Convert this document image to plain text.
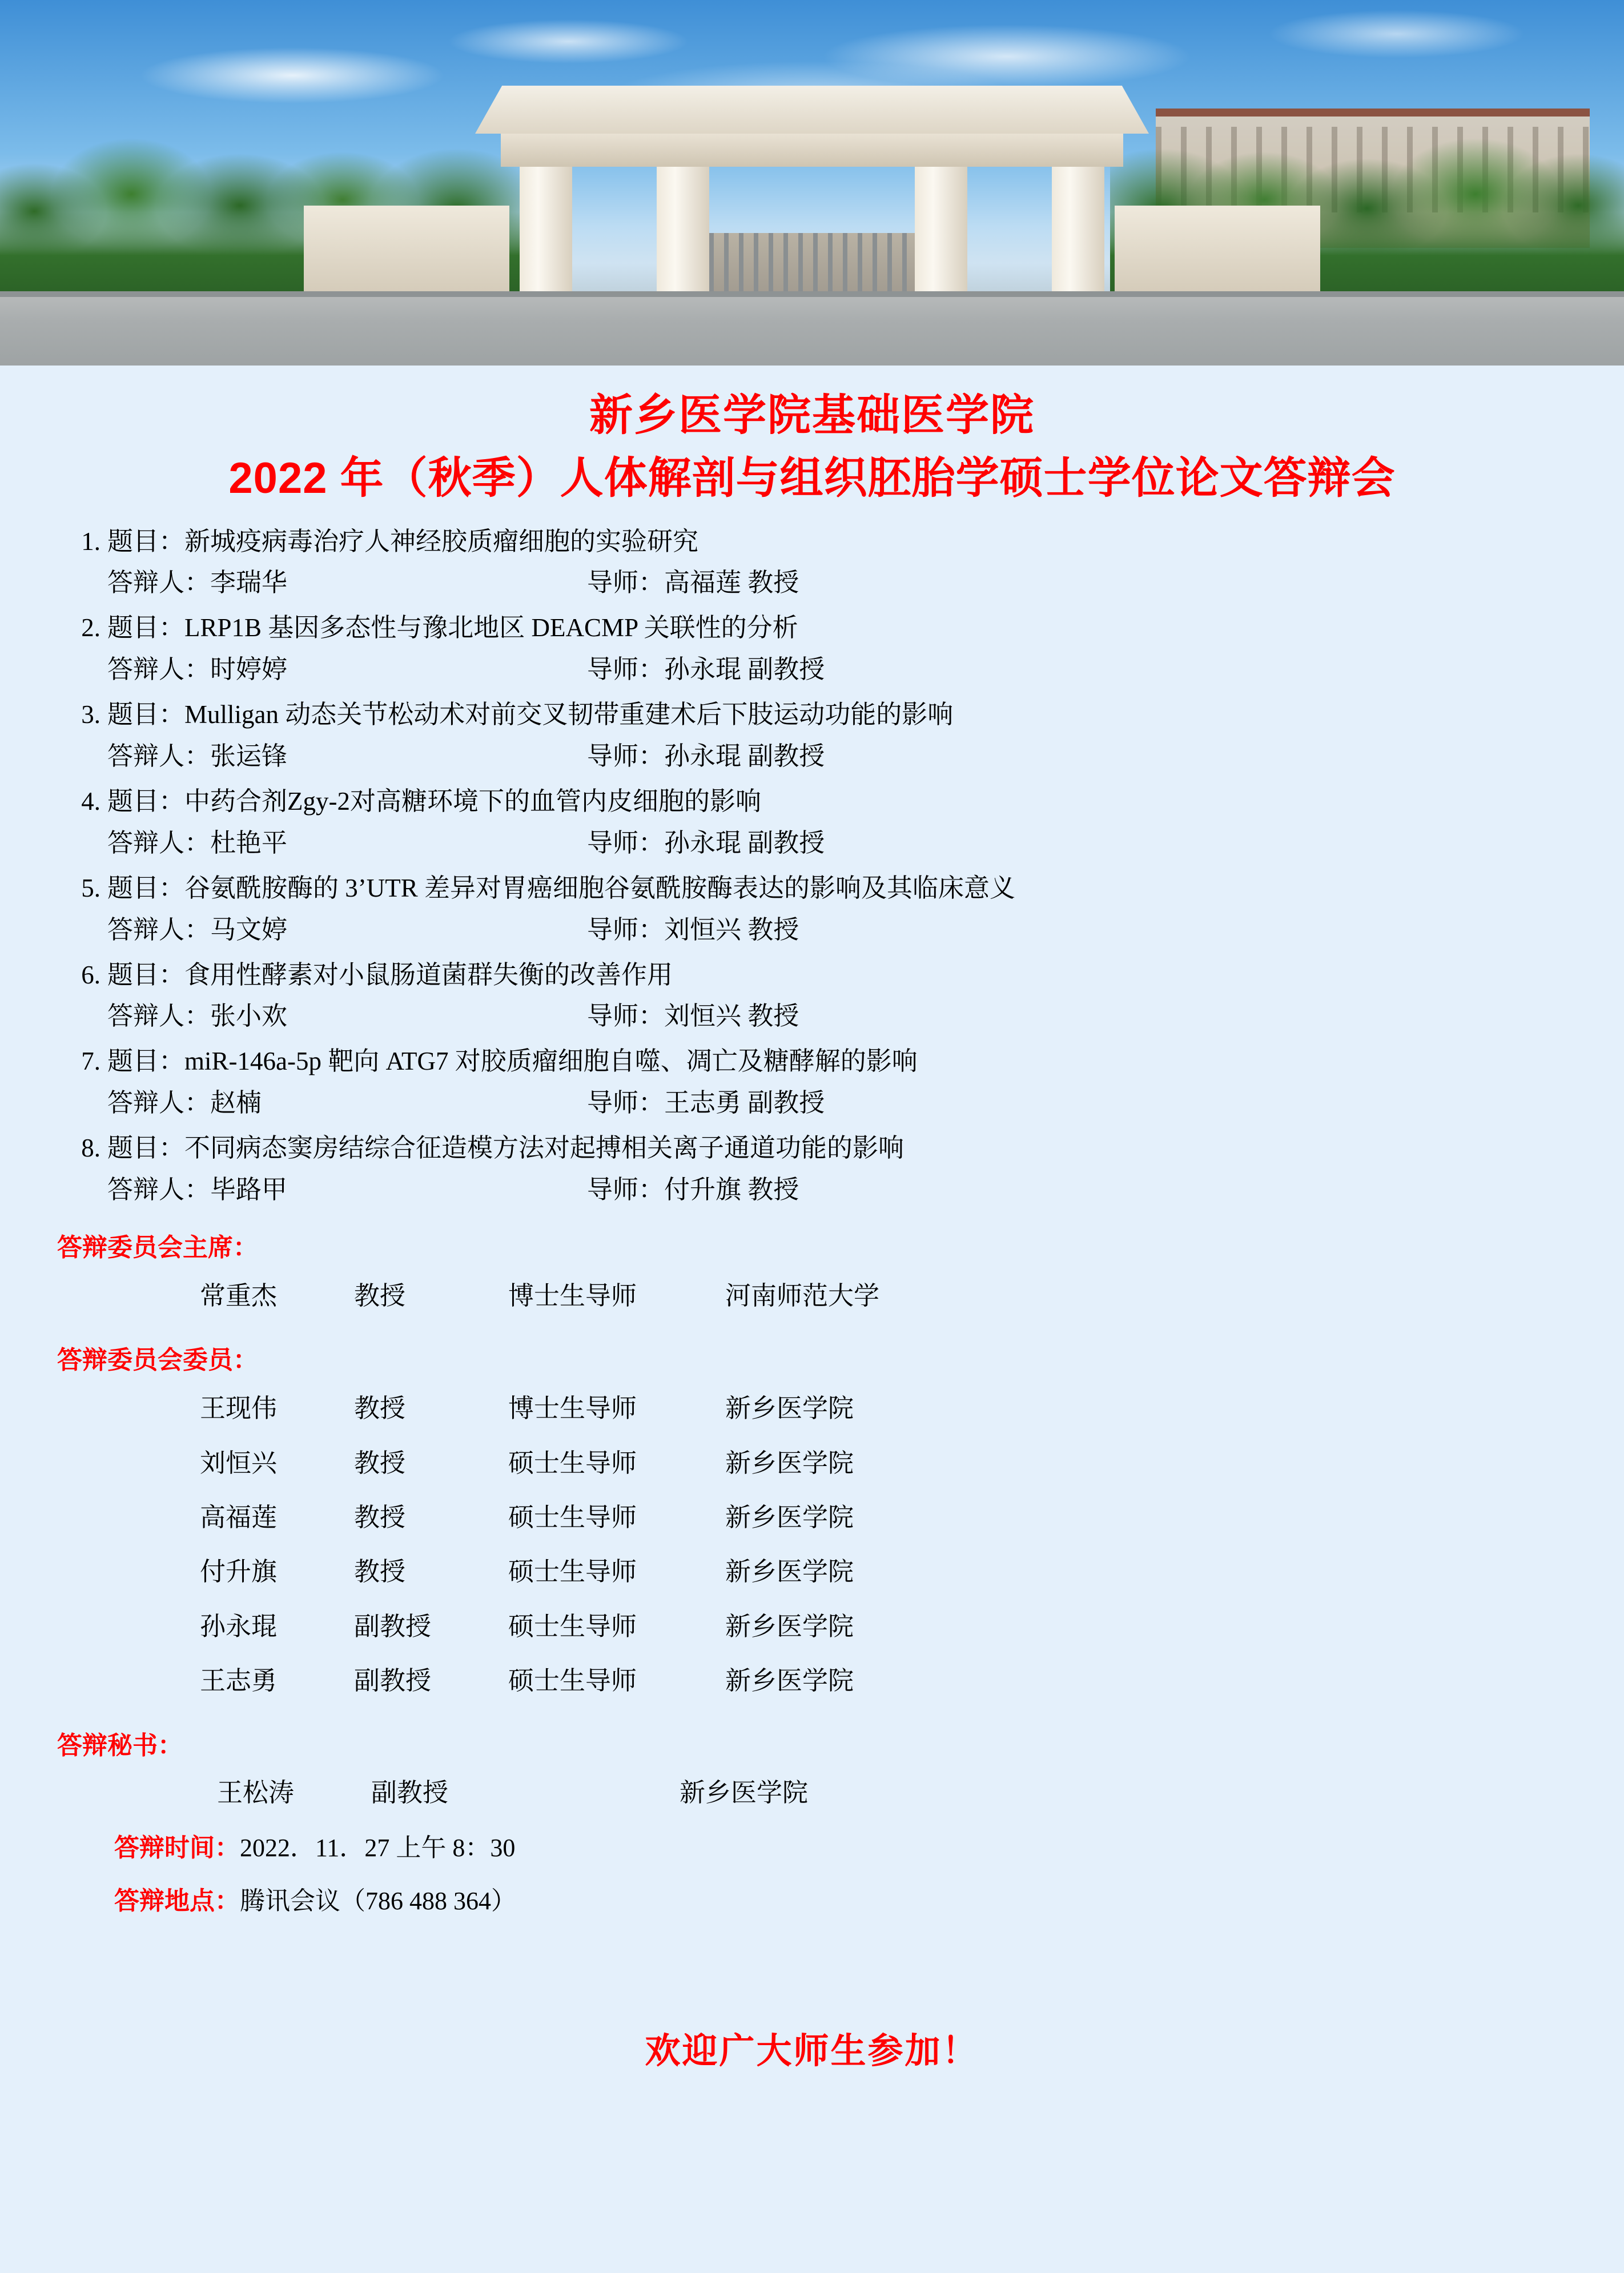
新乡医学院基础医学院
2022 年（秋季）人体解剖与组织胚胎学硕士学位论文答辩会
1. 题目： 新城疫病毒治疗人神经胶质瘤细胞的实验研究
答辩人：李瑞华	导师：高福莲 教授
2. 题目： LRP1B 基因多态性与豫北地区 DEACMP 关联性的分析
答辩人：时婷婷	导师：孙永琨 副教授
3. 题目： Mulligan 动态关节松动术对前交叉韧带重建术后下肢运动功能的影响
答辩人：张运锋	导师：孙永琨 副教授
4. 题目： 中药合剂Zgy-2对高糖环境下的血管内皮细胞的影响
答辩人：杜艳平	导师：孙永琨 副教授
5. 题目： 谷氨酰胺酶的 3’UTR 差异对胃癌细胞谷氨酰胺酶表达的影响及其临床意义
答辩人：马文婷	导师：刘恒兴 教授
6. 题目： 食用性酵素对小鼠肠道菌群失衡的改善作用
答辩人：张小欢	导师：刘恒兴 教授
7. 题目： miR-146a-5p 靶向 ATG7 对胶质瘤细胞自噬、凋亡及糖酵解的影响
答辩人：赵楠	导师：王志勇 副教授
8. 题目： 不同病态窦房结综合征造模方法对起搏相关离子通道功能的影响
答辩人：毕路甲	导师：付升旗 教授
答辩委员会主席：
常重杰	教授	博士生导师	河南师范大学
答辩委员会委员：
王现伟	教授	博士生导师	新乡医学院
刘恒兴	教授	硕士生导师	新乡医学院
高福莲	教授	硕士生导师	新乡医学院
付升旗	教授	硕士生导师	新乡医学院
孙永琨	副教授	硕士生导师	新乡医学院
王志勇	副教授	硕士生导师	新乡医学院
答辩秘书：
王松涛	副教授	新乡医学院
答辩时间：2022．11．27 上午 8：30
答辩地点：腾讯会议（786 488 364）
欢迎广大师生参加！
